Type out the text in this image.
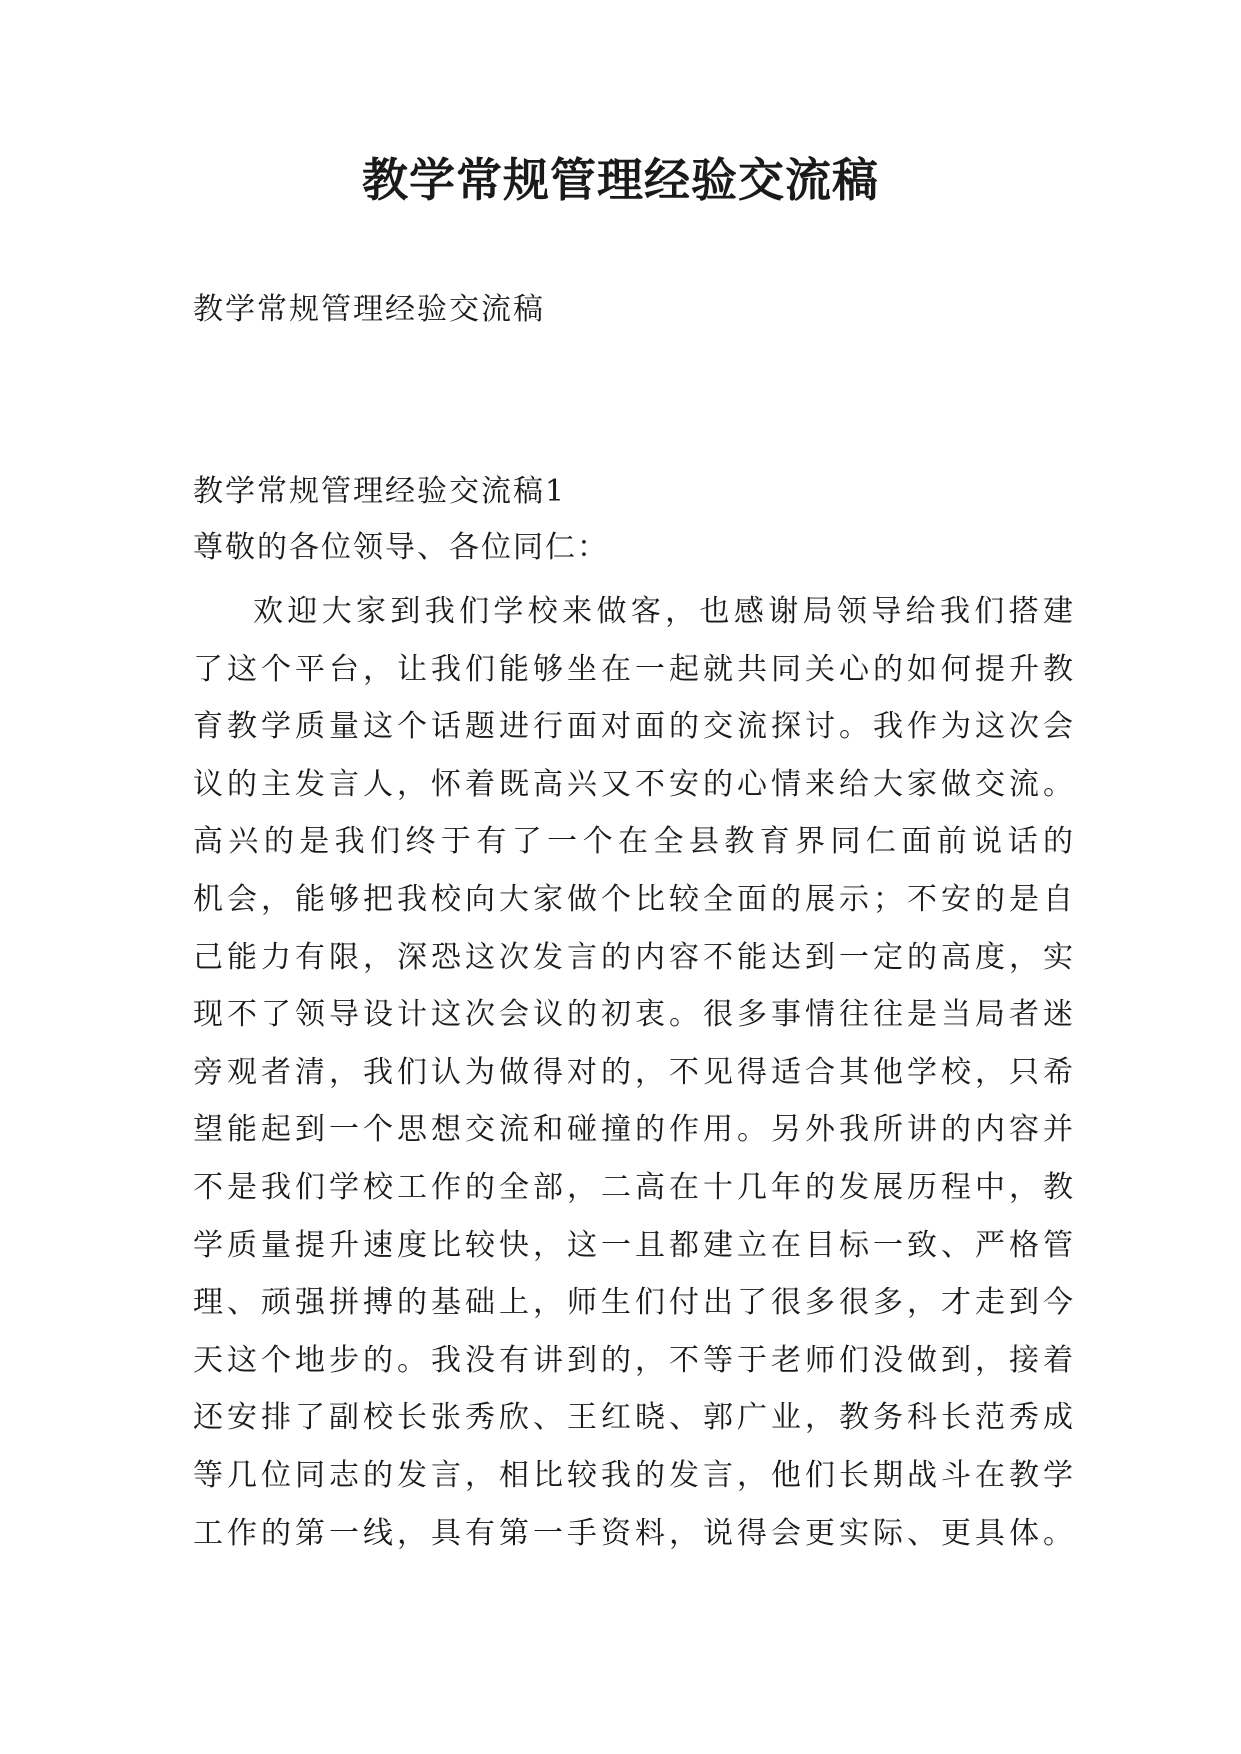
教学常规管理经验交流稿

教学常规管理经验交流稿

教学常规管理经验交流稿1

尊敬的各位领导、各位同仁：

欢迎大家到我们学校来做客，也感谢局领导给我们搭建
了这个平台，让我们能够坐在一起就共同关心的如何提升教
育教学质量这个话题进行面对面的交流探讨。我作为这次会
议的主发言人，怀着既高兴又不安的心情来给大家做交流。
高兴的是我们终于有了一个在全县教育界同仁面前说话的
机会，能够把我校向大家做个比较全面的展示；不安的是自
己能力有限，深恐这次发言的内容不能达到一定的高度，实
现不了领导设计这次会议的初衷。很多事情往往是当局者迷
旁观者清，我们认为做得对的，不见得适合其他学校，只希
望能起到一个思想交流和碰撞的作用。另外我所讲的内容并
不是我们学校工作的全部，二高在十几年的发展历程中，教
学质量提升速度比较快，这一且都建立在目标一致、严格管
理、顽强拼搏的基础上，师生们付出了很多很多，才走到今
天这个地步的。我没有讲到的，不等于老师们没做到，接着
还安排了副校长张秀欣、王红晓、郭广业，教务科长范秀成
等几位同志的发言，相比较我的发言，他们长期战斗在教学
工作的第一线，具有第一手资料，说得会更实际、更具体。
